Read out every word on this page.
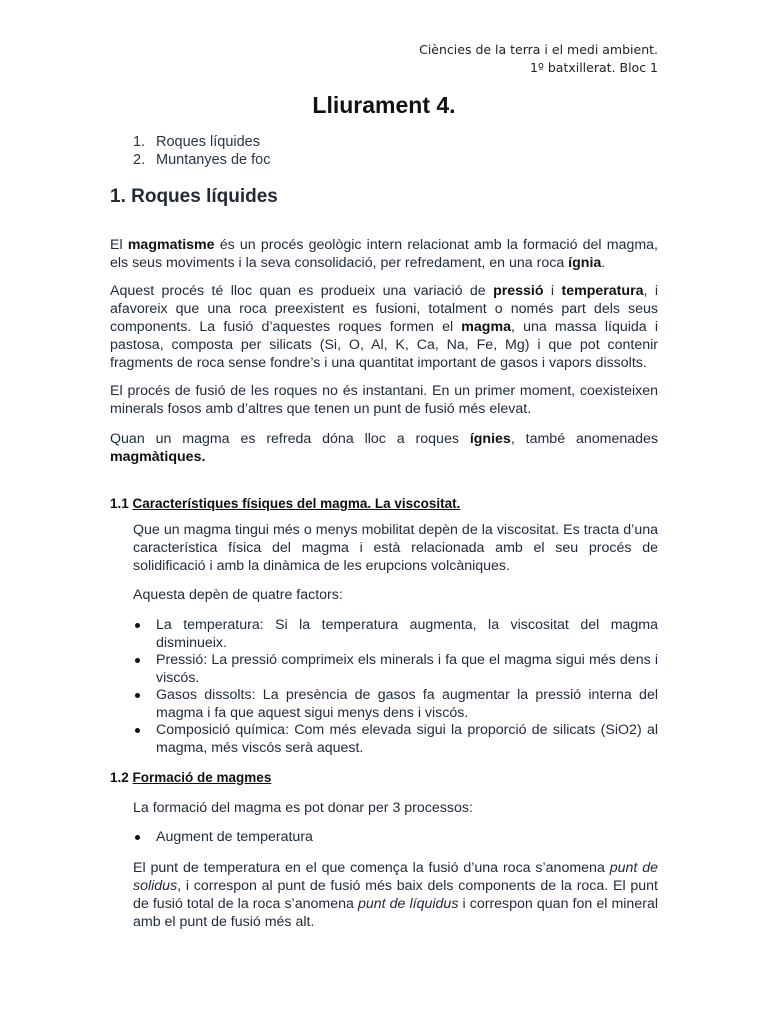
Ciències de la terra i el medi ambient.
1º batxillerat. Bloc 1
Lliurament 4.
1. Roques líquides
2. Muntanyes de foc
1. Roques líquides

El magmatisme és un procés geològic intern relacionat amb la formació del magma, els seus moviments i la seva consolidació, per refredament, en una roca ígnia.

Aquest procés té lloc quan es produeix una variació de pressió i temperatura, i afavoreix que una roca preexistent es fusioni, totalment o només part dels seus components. La fusió d’aquestes roques formen el magma, una massa líquida i pastosa, composta per silicats (Si, O, Al, K, Ca, Na, Fe, Mg) i que pot contenir fragments de roca sense fondre’s i una quantitat important de gasos i vapors dissolts.

El procés de fusió de les roques no és instantani. En un primer moment, coexisteixen minerals fosos amb d’altres que tenen un punt de fusió més elevat.

Quan un magma es refreda dóna lloc a roques ígnies, també anomenades magmàtiques.

1.1 Característiques físiques del magma. La viscositat.

Que un magma tingui més o menys mobilitat depèn de la viscositat. Es tracta d’una característica física del magma i està relacionada amb el seu procés de solidificació i amb la dinàmica de les erupcions volcàniques.

Aquesta depèn de quatre factors:

La temperatura: Si la temperatura augmenta, la viscositat del magma disminueix.
Pressió: La pressió comprimeix els minerals i fa que el magma sigui més dens i viscós.
Gasos dissolts: La presència de gasos fa augmentar la pressió interna del magma i fa que aquest sigui menys dens i viscós.
Composició química: Com més elevada sigui la proporció de silicats (SiO2) al magma, més viscós serà aquest.
1.2 Formació de magmes

La formació del magma es pot donar per 3 processos:

Augment de temperatura

El punt de temperatura en el que comença la fusió d’una roca s’anomena punt de solidus, i correspon al punt de fusió més baix dels components de la roca. El punt de fusió total de la roca s’anomena punt de líquidus i correspon quan fon el mineral amb el punt de fusió més alt.
